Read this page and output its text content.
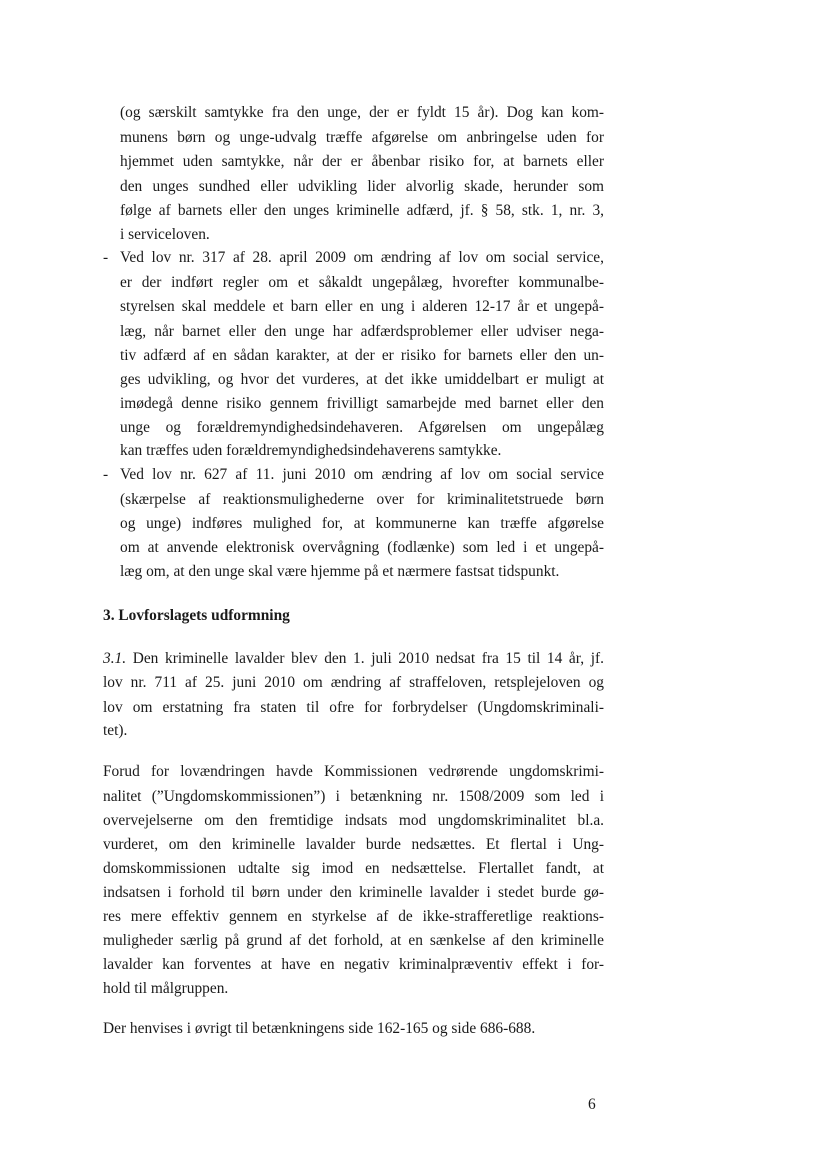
(og særskilt samtykke fra den unge, der er fyldt 15 år). Dog kan kom-
munens børn og unge-udvalg træffe afgørelse om anbringelse uden for
hjemmet uden samtykke, når der er åbenbar risiko for, at barnets eller
den unges sundhed eller udvikling lider alvorlig skade, herunder som
følge af barnets eller den unges kriminelle adfærd, jf. § 58, stk. 1, nr. 3,
i serviceloven.
- Ved lov nr. 317 af 28. april 2009 om ændring af lov om social service,
er der indført regler om et såkaldt ungepålæg, hvorefter kommunalbe-
styrelsen skal meddele et barn eller en ung i alderen 12-17 år et ungepå-
læg, når barnet eller den unge har adfærdsproblemer eller udviser nega-
tiv adfærd af en sådan karakter, at der er risiko for barnets eller den un-
ges udvikling, og hvor det vurderes, at det ikke umiddelbart er muligt at
imødegå denne risiko gennem frivilligt samarbejde med barnet eller den
unge og forældremyndighedsindehaveren. Afgørelsen om ungepålæg
kan træffes uden forældremyndighedsindehaverens samtykke.
- Ved lov nr. 627 af 11. juni 2010 om ændring af lov om social service
(skærpelse af reaktionsmulighederne over for kriminalitetstruede børn
og unge) indføres mulighed for, at kommunerne kan træffe afgørelse
om at anvende elektronisk overvågning (fodlænke) som led i et ungepå-
læg om, at den unge skal være hjemme på et nærmere fastsat tidspunkt.
3. Lovforslagets udformning
3.1. Den kriminelle lavalder blev den 1. juli 2010 nedsat fra 15 til 14 år, jf.
lov nr. 711 af 25. juni 2010 om ændring af straffeloven, retsplejeloven og
lov om erstatning fra staten til ofre for forbrydelser (Ungdomskriminali-
tet).
Forud for lovændringen havde Kommissionen vedrørende ungdomskrimi-
nalitet (”Ungdomskommissionen”) i betænkning nr. 1508/2009 som led i
overvejelserne om den fremtidige indsats mod ungdomskriminalitet bl.a.
vurderet, om den kriminelle lavalder burde nedsættes. Et flertal i Ung-
domskommissionen udtalte sig imod en nedsættelse. Flertallet fandt, at
indsatsen i forhold til børn under den kriminelle lavalder i stedet burde gø-
res mere effektiv gennem en styrkelse af de ikke-strafferetlige reaktions-
muligheder særlig på grund af det forhold, at en sænkelse af den kriminelle
lavalder kan forventes at have en negativ kriminalpræventiv effekt i for-
hold til målgruppen.
Der henvises i øvrigt til betænkningens side 162-165 og side 686-688.
6
